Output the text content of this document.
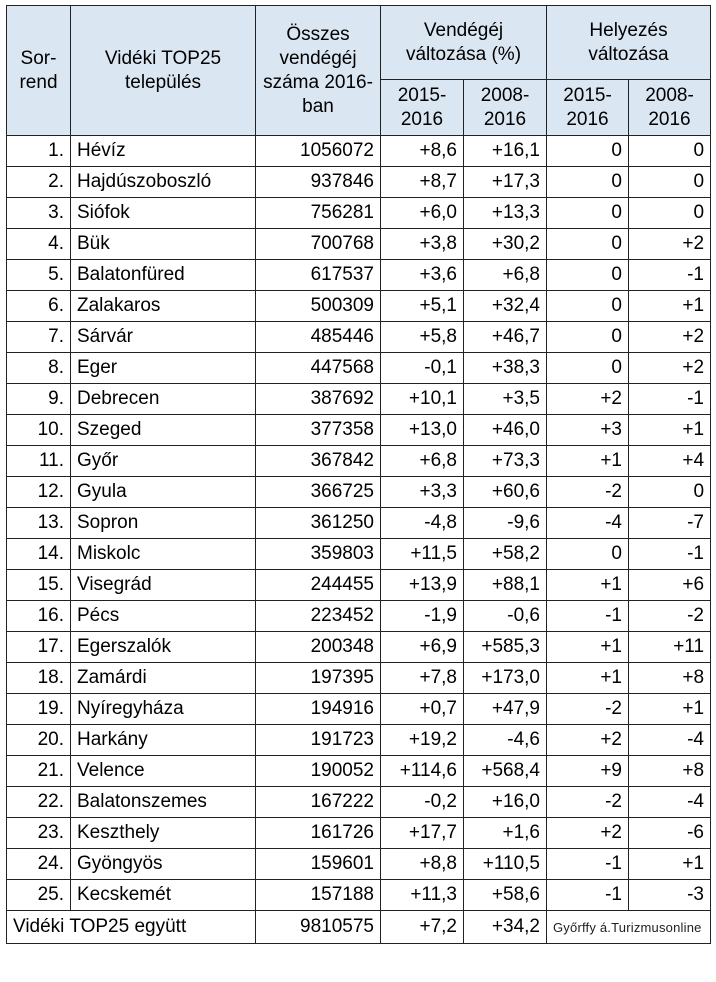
Sor-rend	Vidéki TOP25 település	Összes vendégéj száma 2016-ban	Vendégéj változása (%)		Helyezés változása	
			2015-2016	2008-2016	2015-2016	2008-2016
1.	Hévíz	1056072	+8,6	+16,1	0	0
2.	Hajdúszoboszló	937846	+8,7	+17,3	0	0
3.	Siófok	756281	+6,0	+13,3	0	0
4.	Bük	700768	+3,8	+30,2	0	+2
5.	Balatonfüred	617537	+3,6	+6,8	0	-1
6.	Zalakaros	500309	+5,1	+32,4	0	+1
7.	Sárvár	485446	+5,8	+46,7	0	+2
8.	Eger	447568	-0,1	+38,3	0	+2
9.	Debrecen	387692	+10,1	+3,5	+2	-1
10.	Szeged	377358	+13,0	+46,0	+3	+1
11.	Győr	367842	+6,8	+73,3	+1	+4
12.	Gyula	366725	+3,3	+60,6	-2	0
13.	Sopron	361250	-4,8	-9,6	-4	-7
14.	Miskolc	359803	+11,5	+58,2	0	-1
15.	Visegrád	244455	+13,9	+88,1	+1	+6
16.	Pécs	223452	-1,9	-0,6	-1	-2
17.	Egerszalók	200348	+6,9	+585,3	+1	+11
18.	Zamárdi	197395	+7,8	+173,0	+1	+8
19.	Nyíregyháza	194916	+0,7	+47,9	-2	+1
20.	Harkány	191723	+19,2	-4,6	+2	-4
21.	Velence	190052	+114,6	+568,4	+9	+8
22.	Balatonszemes	167222	-0,2	+16,0	-2	-4
23.	Keszthely	161726	+17,7	+1,6	+2	-6
24.	Gyöngyös	159601	+8,8	+110,5	-1	+1
25.	Kecskemét	157188	+11,3	+58,6	-1	-3
Vidéki TOP25 együtt		9810575	+7,2	+34,2	Győrffy á.Turizmusonline	
